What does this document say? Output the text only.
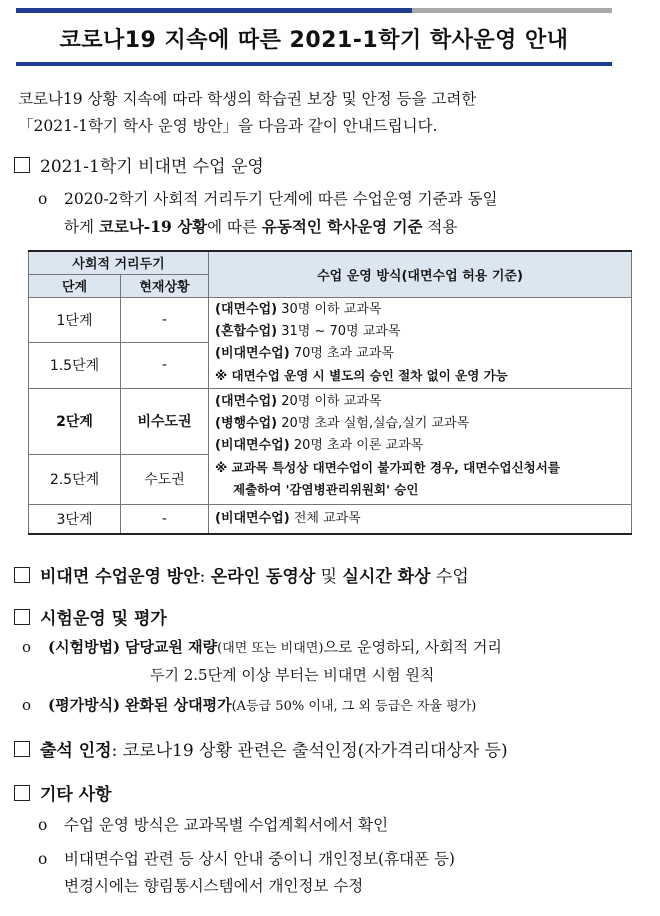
코로나19 지속에 따른 2021-1학기 학사운영 안내

코로나19 상황 지속에 따라 학생의 학습권 보장 및 안정 등을 고려한

「2021-1학기 학사 운영 방안」을 다음과 같이 안내드립니다.

2021-1학기 비대면 수업 운영
o 2020-2학기 사회적 거리두기 단계에 따른 수업운영 기준과 동일
하게 코로나-19 상황에 따른 유동적인 학사운영 기준 적용
사회적 거리두기		수업 운영 방식(대면수업 허용 기준)
단계	현재상황	
1단계	-	(대면수업) 30명 이하 교과목
(혼합수업) 31명 ~ 70명 교과목
(비대면수업) 70명 초과 교과목
※ 대면수업 운영 시 별도의 승인 절차 없이 운영 가능

1.5단계	-	
2단계	비수도권	(대면수업) 20명 이하 교과목
(병행수업) 20명 초과 실험,실습,실기 교과목
(비대면수업) 20명 초과 이론 교과목
※ 교과목 특성상 대면수업이 불가피한 경우, 대면수업신청서를
제출하여 '감염병관리위원회' 승인

2.5단계	수도권	
3단계	-	(비대면수업) 전체 교과목
비대면 수업운영 방안: 온라인 동영상 및 실시간 화상 수업
시험운영 및 평가
o (시험방법) 담당교원 재량(대면 또는 비대면)으로 운영하되, 사회적 거리
두기 2.5단계 이상 부터는 비대면 시험 원칙
o (평가방식) 완화된 상대평가(A등급 50% 이내, 그 외 등급은 자율 평가)
출석 인정: 코로나19 상황 관련은 출석인정(자가격리대상자 등)
기타 사항
o 수업 운영 방식은 교과목별 수업계획서에서 확인
o 비대면수업 관련 등 상시 안내 중이니 개인정보(휴대폰 등)
변경시에는 향림통시스템에서 개인정보 수정
